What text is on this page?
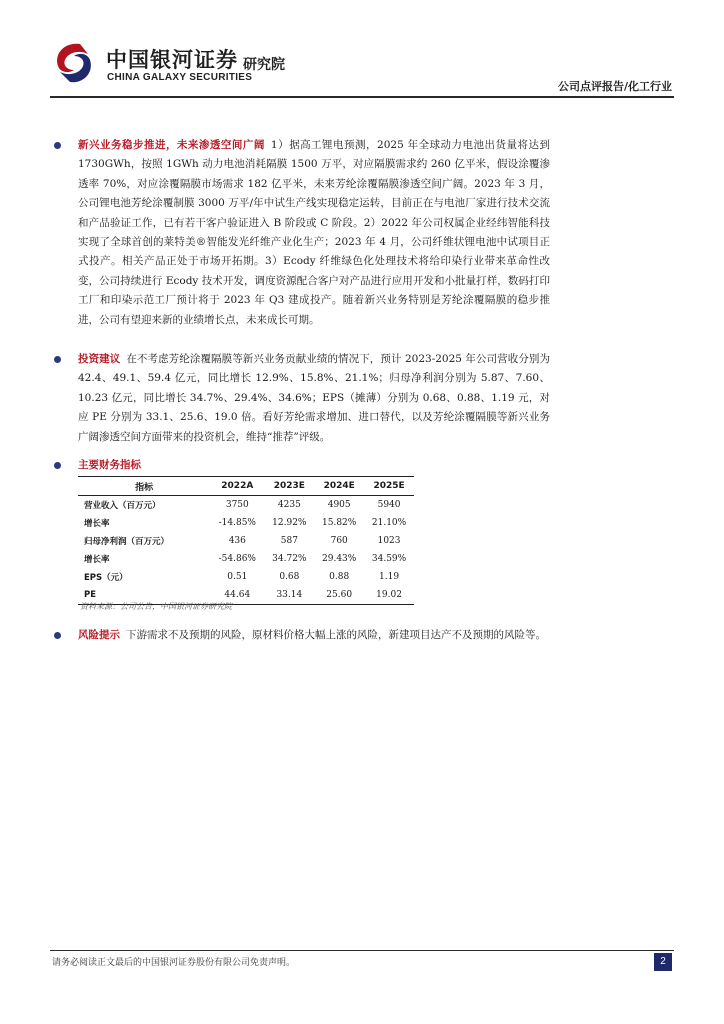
中国银河证券
CHINA GALAXY SECURITIES
研究院
公司点评报告/化工行业
新兴业务稳步推进，未来渗透空间广阔 1）据高工锂电预测，2025 年全球动力电池出货量将达到 1730GWh，按照 1GWh 动力电池消耗隔膜 1500 万平，对应隔膜需求约 260 亿平米，假设涂覆渗透率 70%，对应涂覆隔膜市场需求 182 亿平米，未来芳纶涂覆隔膜渗透空间广阔。2023 年 3 月，公司锂电池芳纶涂覆制膜 3000 万平/年中试生产线实现稳定运转，目前正在与电池厂家进行技术交流和产品验证工作，已有若干客户验证进入 B 阶段或 C 阶段。2）2022 年公司权属企业经纬智能科技实现了全球首创的莱特美®智能发光纤维产业化生产；2023 年 4 月，公司纤维状锂电池中试项目正式投产。相关产品正处于市场开拓期。3）Ecody 纤维绿色化处理技术将给印染行业带来革命性改变，公司持续进行 Ecody 技术开发，调度资源配合客户对产品进行应用开发和小批量打样，数码打印工厂和印染示范工厂预计将于 2023 年 Q3 建成投产。随着新兴业务特别是芳纶涂覆隔膜的稳步推进，公司有望迎来新的业绩增长点，未来成长可期。
投资建议 在不考虑芳纶涂覆隔膜等新兴业务贡献业绩的情况下，预计 2023-2025 年公司营收分别为 42.4、49.1、59.4 亿元，同比增长 12.9%、15.8%、21.1%；归母净利润分别为 5.87、7.60、10.23 亿元，同比增长 34.7%、29.4%、34.6%；EPS（摊薄）分别为 0.68、0.88、1.19 元，对应 PE 分别为 33.1、25.6、19.0 倍。看好芳纶需求增加、进口替代，以及芳纶涂覆隔膜等新兴业务广阔渗透空间方面带来的投资机会，维持“推荐”评级。
主要财务指标
指标	2022A	2023E	2024E	2025E
营业收入（百万元）	3750	4235	4905	5940
增长率	-14.85%	12.92%	15.82%	21.10%
归母净利润（百万元）	436	587	760	1023
增长率	-54.86%	34.72%	29.43%	34.59%
EPS（元）	0.51	0.68	0.88	1.19
PE	44.64	33.14	25.60	19.02
资料来源：公司公告，中国银河证券研究院
风险提示 下游需求不及预期的风险，原材料价格大幅上涨的风险，新建项目达产不及预期的风险等。
请务必阅读正文最后的中国银河证券股份有限公司免责声明。	2
